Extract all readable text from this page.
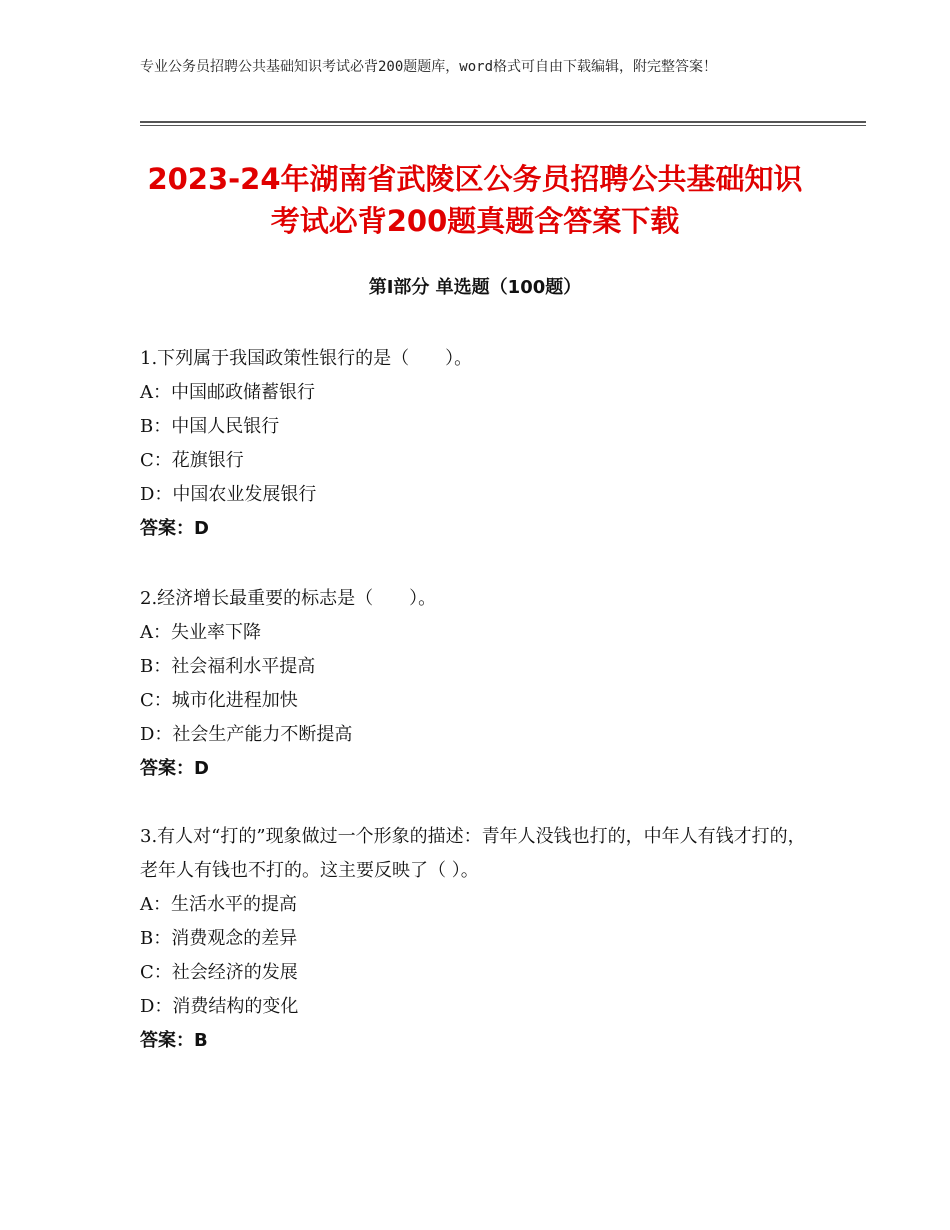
专业公务员招聘公共基础知识考试必背200题题库，word格式可自由下载编辑，附完整答案！
2023-24年湖南省武陵区公务员招聘公共基础知识考试必背200题真题含答案下载
第Ⅰ部分 单选题（100题）
1.下列属于我国政策性银行的是（　　）。
A：中国邮政储蓄银行
B：中国人民银行
C：花旗银行
D：中国农业发展银行
答案：D
2.经济增长最重要的标志是（　　）。
A：失业率下降
B：社会福利水平提高
C：城市化进程加快
D：社会生产能力不断提高
答案：D
3.有人对“打的”现象做过一个形象的描述：青年人没钱也打的，中年人有钱才打的，老年人有钱也不打的。这主要反映了（ ）。
A：生活水平的提高
B：消费观念的差异
C：社会经济的发展
D：消费结构的变化
答案：B
